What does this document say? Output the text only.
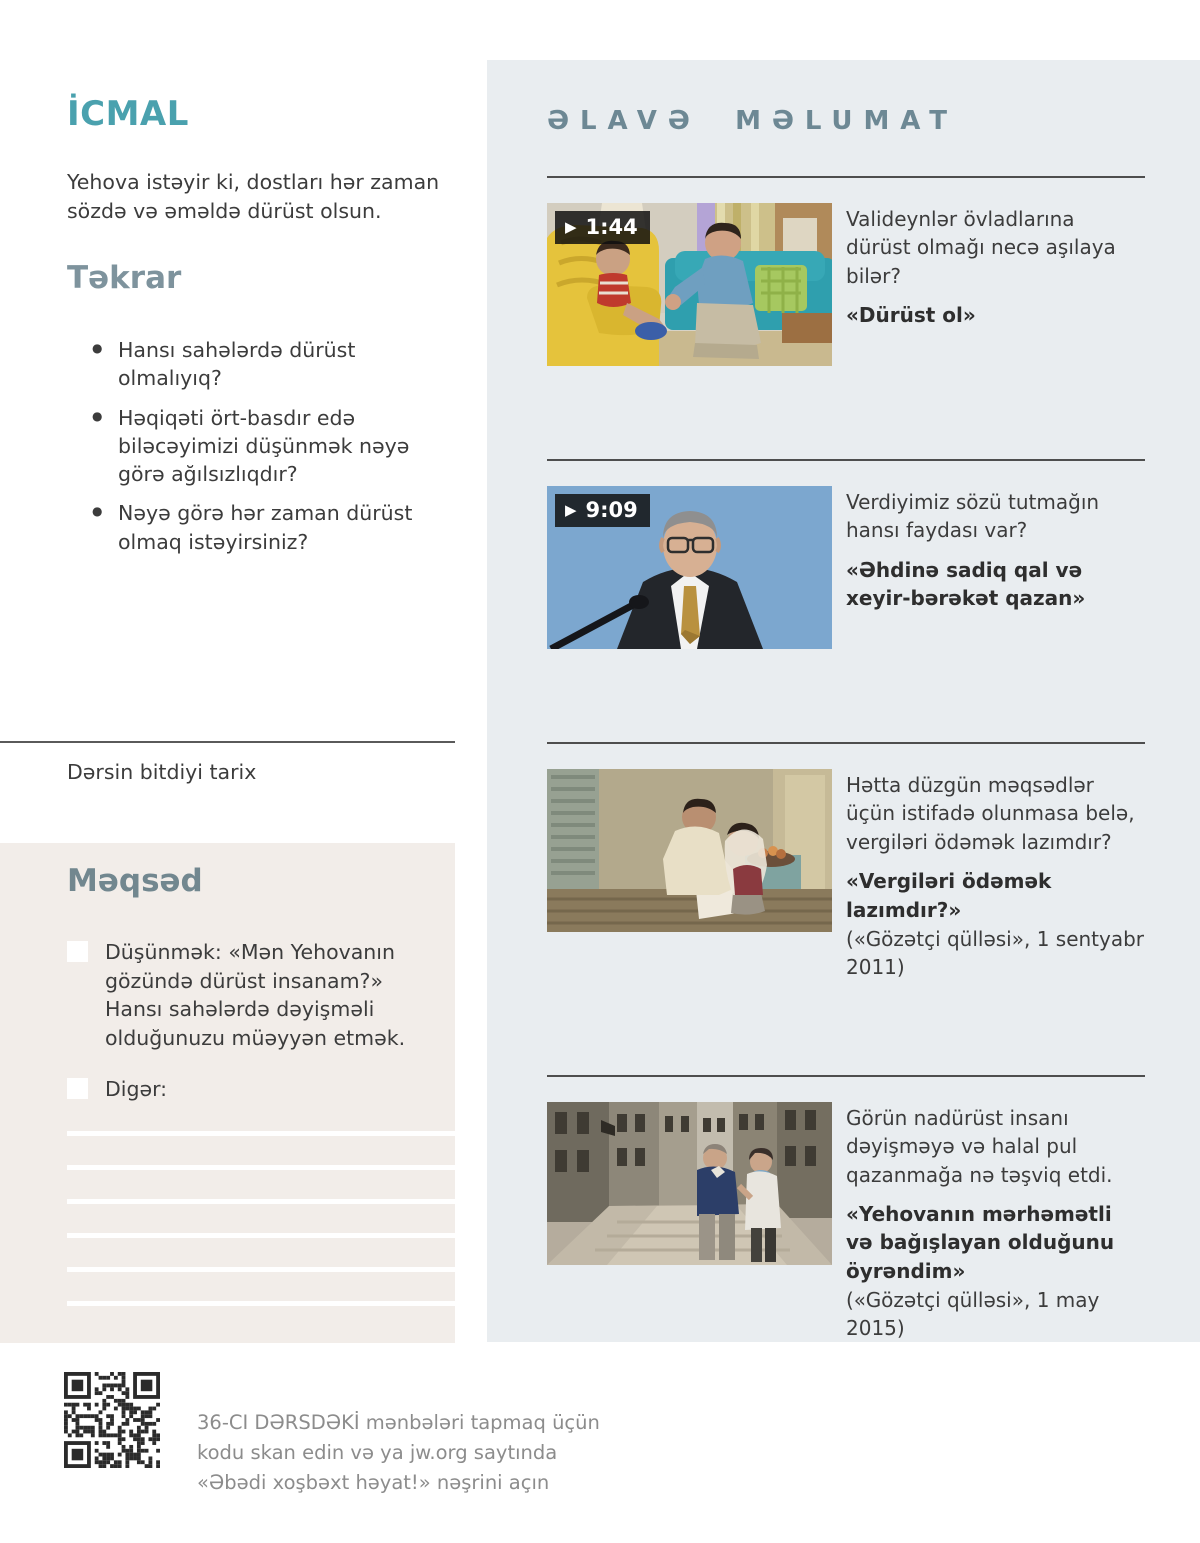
İCMAL
Yehova istəyir ki, dostları hər zaman sözdə və əməldə dürüst olsun.
Təkrar
● Hansı sahələrdə dürüst olmalıyıq?
● Həqiqəti ört-basdır edə biləcəyimizi düşünmək nəyə görə ağılsızlıqdır?
● Nəyə görə hər zaman dürüst olmaq istəyirsiniz?
Dərsin bitdiyi tarix
Məqsəd
Düşünmək: «Mən Yehovanın gözündə dürüst insanam?» Hansı sahələrdə dəyişməli olduğunuzu müəyyən etmək.
Digər:
ƏLAVƏ MƏLUMAT
▶ 1:44	Valideynlər övladlarına dürüst olmağı necə aşılaya bilər?

«Dürüst ol»
▶ 9:09	Verdiyimiz sözü tutmağın hansı faydası var?

«Əhdinə sadiq qal və xeyir-bərəkət qazan»

Hətta düzgün məqsədlər üçün istifadə olunmasa belə, vergiləri ödəmək lazımdır?

«Vergiləri ödəmək lazımdır?»
(«Gözətçi qülləsi», 1 sentyabr 2011)

Görün nadürüst insanı dəyişməyə və halal pul qazanmağa nə təşviq etdi.

«Yehovanın mərhəmətli və bağışlayan olduğunu öyrəndim»
(«Gözətçi qülləsi», 1 may 2015)
36-CI DƏRSDƏKİ mənbələri tapmaq üçün
kodu skan edin və ya jw.org saytında
«Əbədi xoşbəxt həyat!» nəşrini açın
